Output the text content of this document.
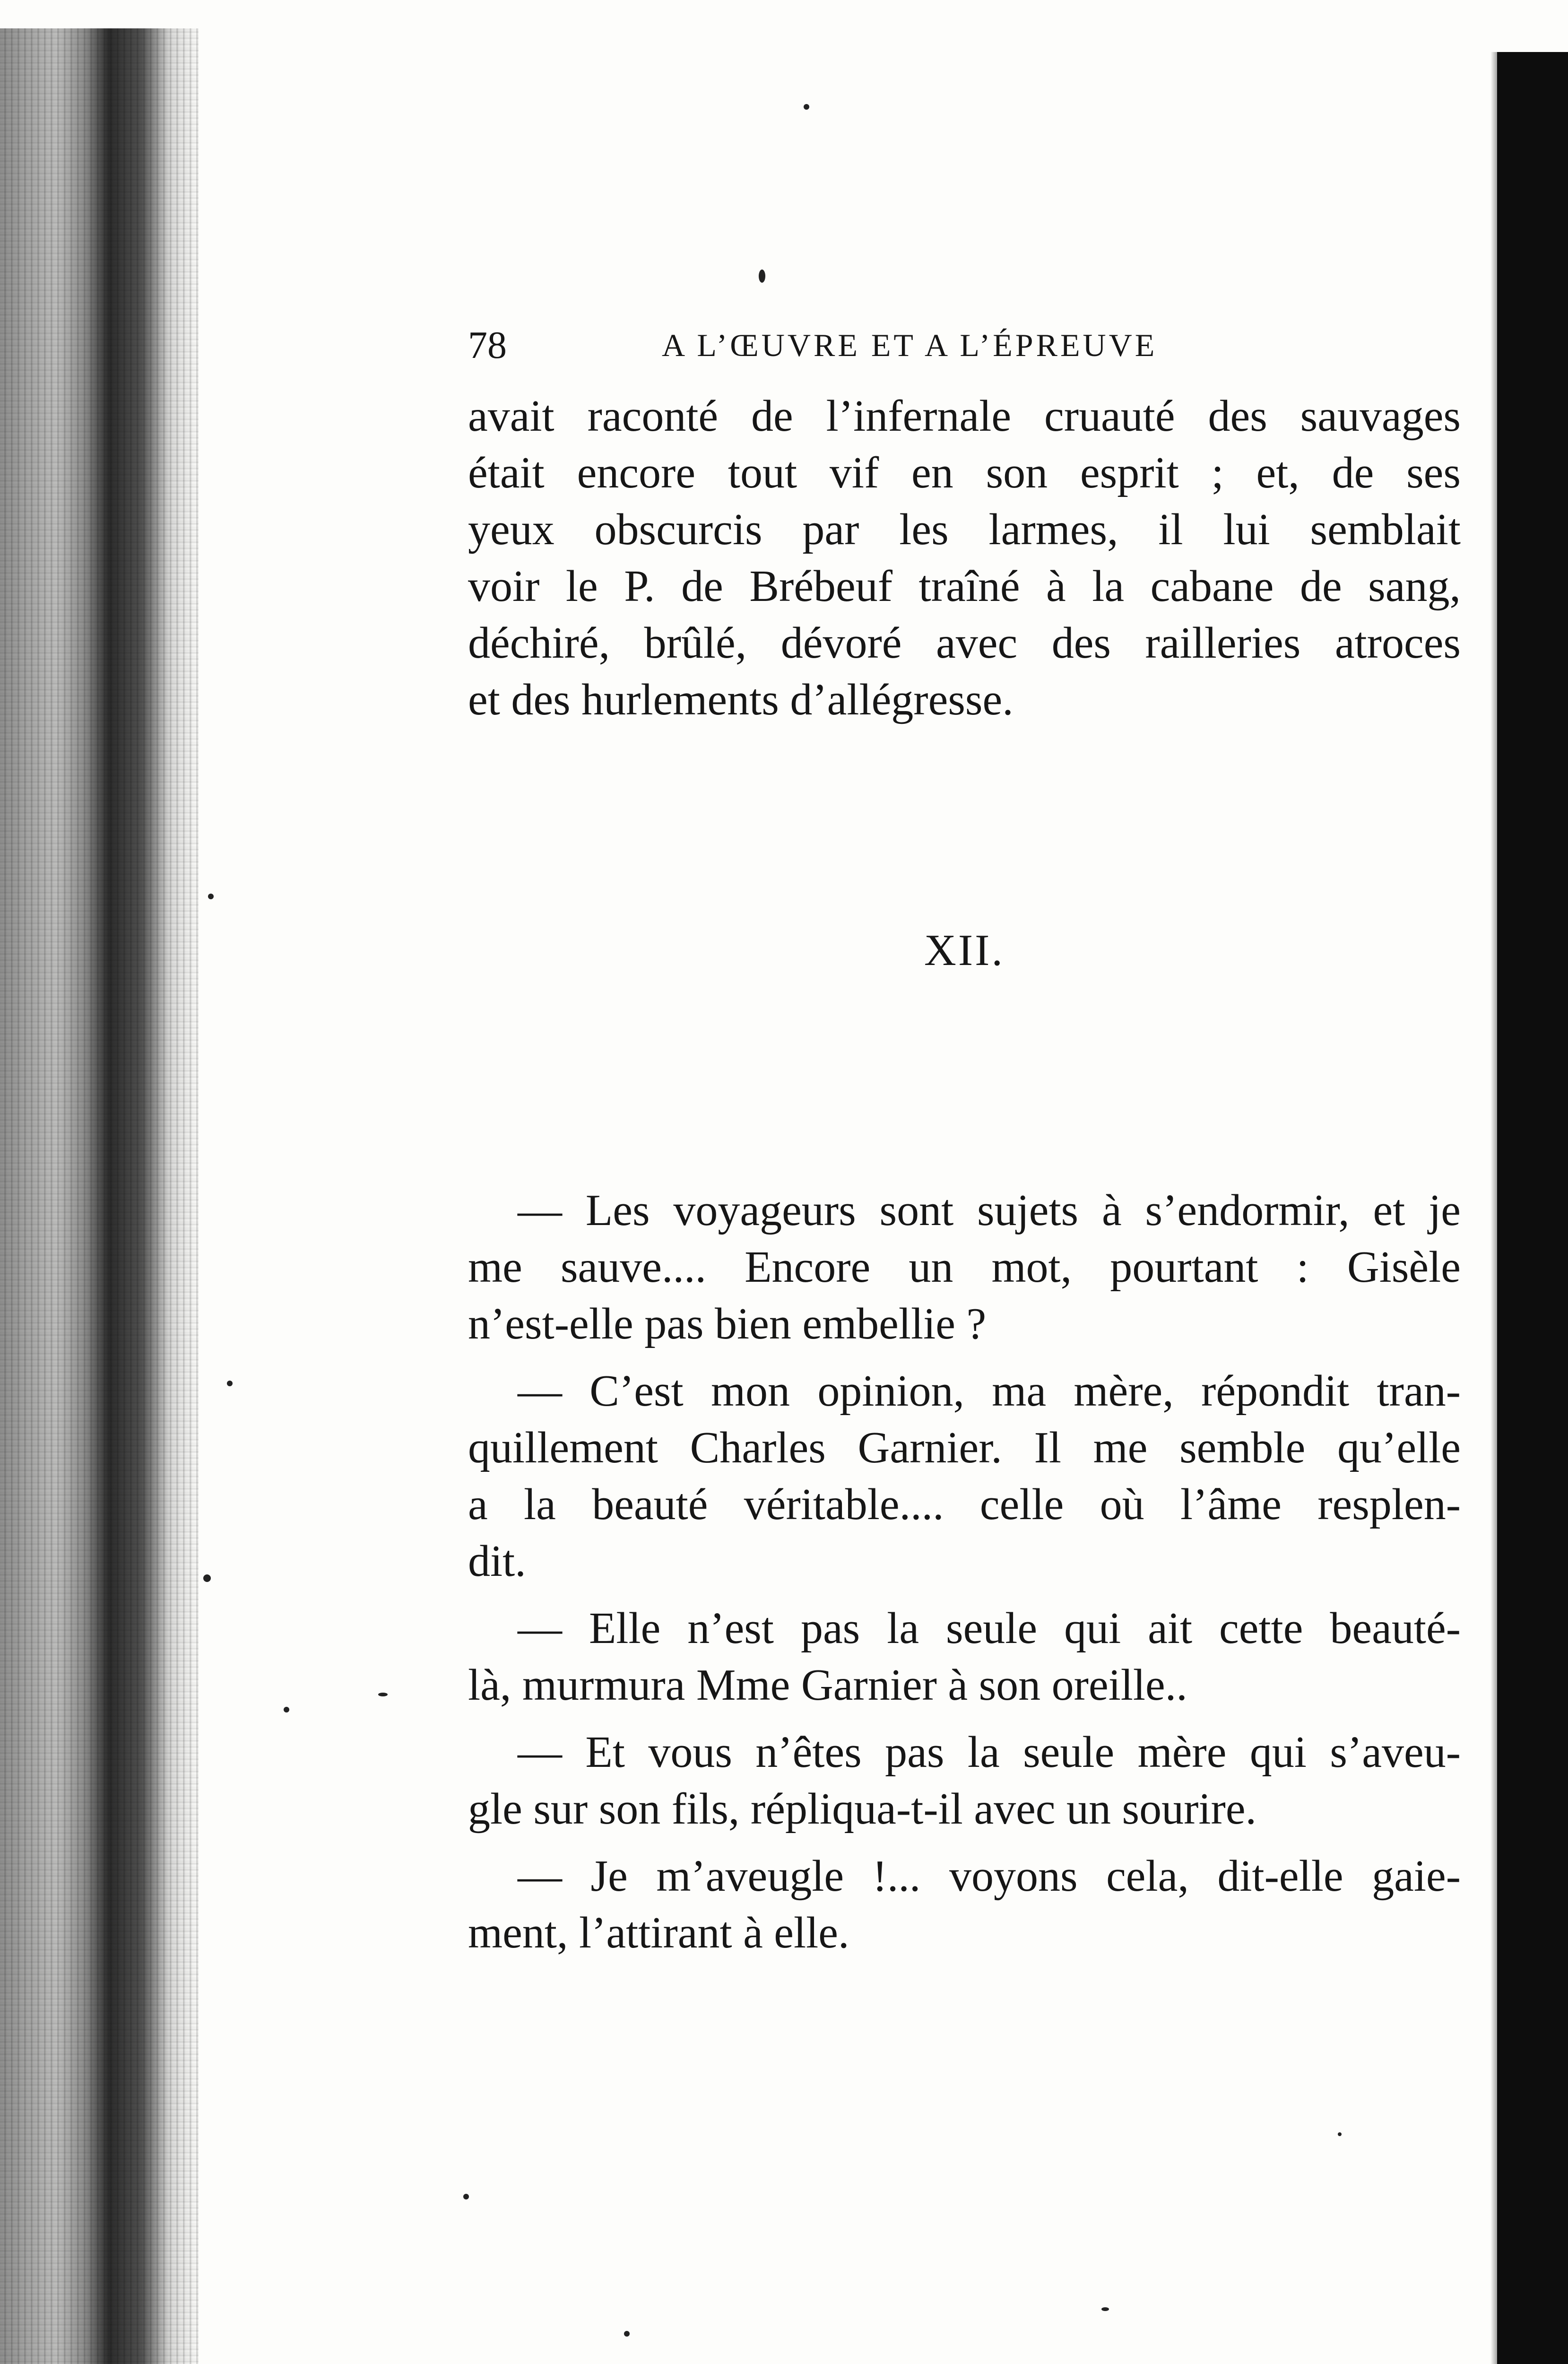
78	A L’ŒUVRE ET A L’ÉPREUVE

avait raconté de l’infernale cruauté des sauvages
était encore tout vif en son esprit ; et, de ses
yeux obscurcis par les larmes, il lui semblait
voir le P. de Brébeuf traîné à la cabane de sang,
déchiré, brûlé, dévoré avec des railleries atroces
et des hurlements d’allégresse.

XII.

— Les voyageurs sont sujets à s’endormir, et je
me sauve.... Encore un mot, pourtant : Gisèle
n’est-elle pas bien embellie ?

— C’est mon opinion, ma mère, répondit tran-
quillement Charles Garnier. Il me semble qu’elle
a la beauté véritable.... celle où l’âme resplen-
dit.

— Elle n’est pas la seule qui ait cette beauté-
là, murmura Mme Garnier à son oreille..

— Et vous n’êtes pas la seule mère qui s’aveu-
gle sur son fils, répliqua-t-il avec un sourire.

— Je m’aveugle !... voyons cela, dit-elle gaie-
ment, l’attirant à elle.
